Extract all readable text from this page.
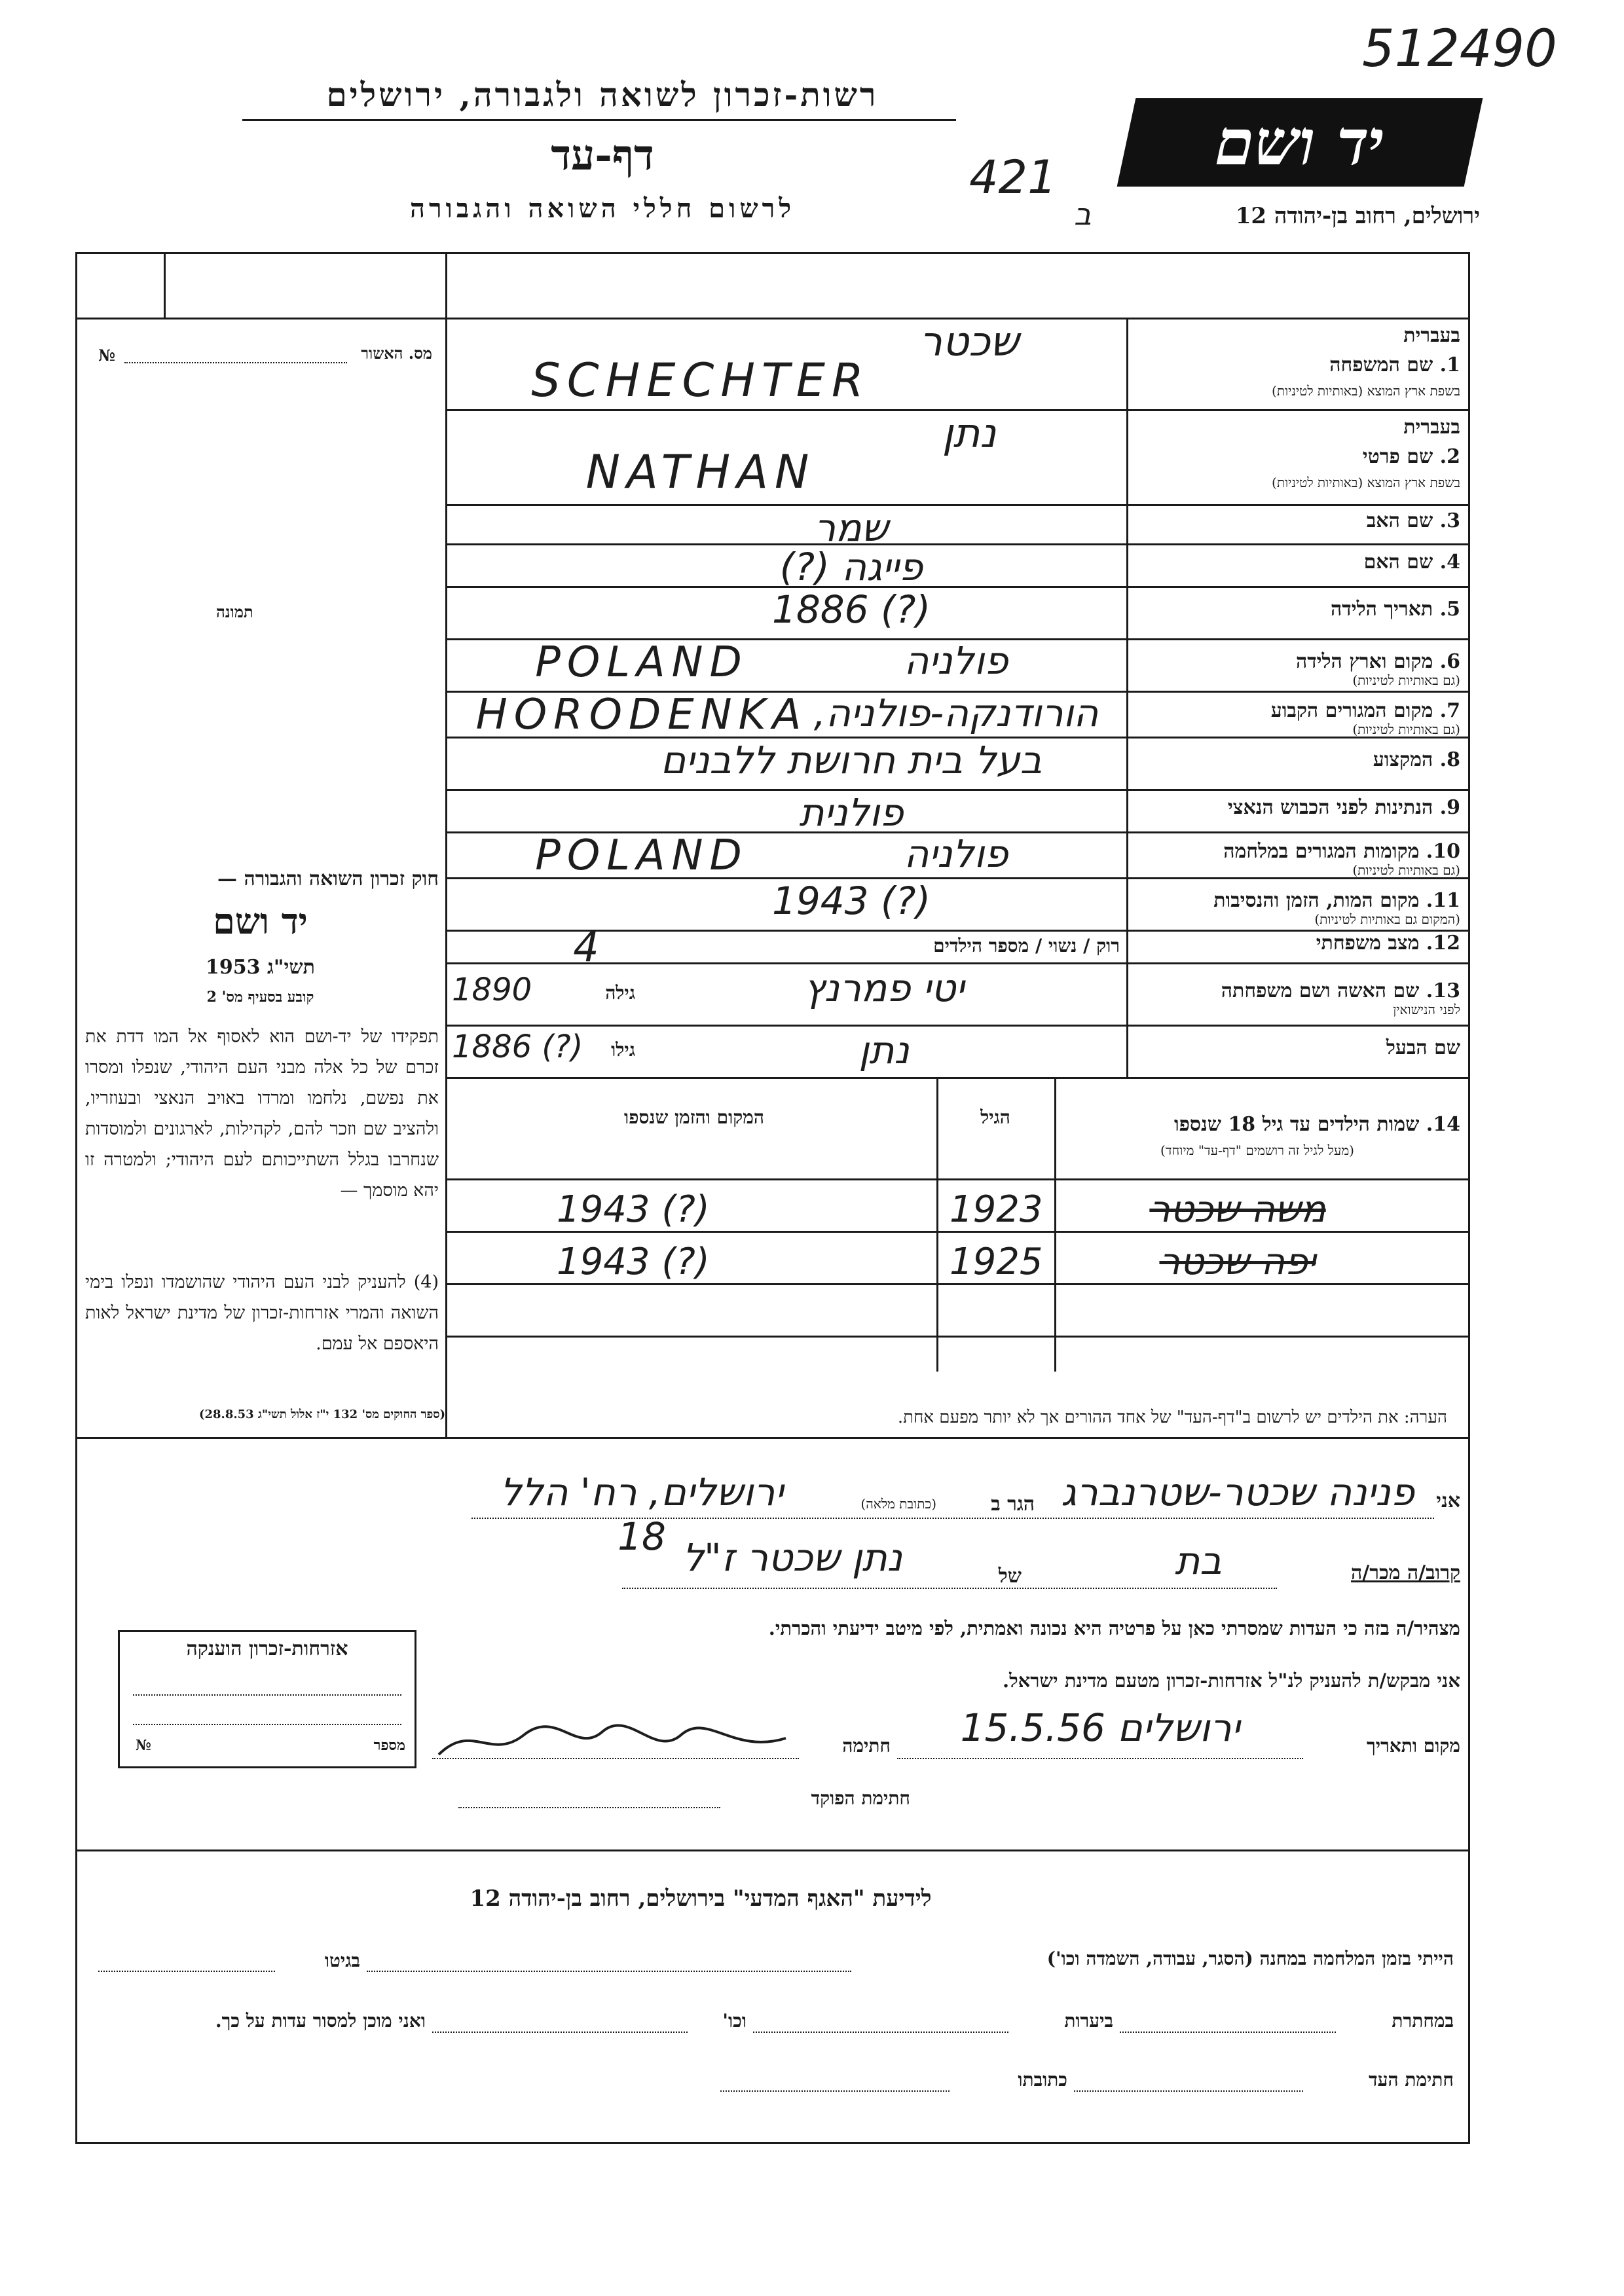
512490
רשות-זכרון לשואה ולגבורה, ירושלים
דף-עד
לרשום חללי השואה והגבורה
421
ב
יד ושם
ירושלים, רחוב בן-יהודה 12
מס. האשור
№
תמונה
חוק זכרון השואה והגבורה —
יד ושם
תשי"ג 1953
קובע בסעיף מס' 2
תפקידו של יד-ושם הוא לאסוף אל המו דדת את זכרם של כל אלה מבני העם היהודי, שנפלו ומסרו את נפשם, נלחמו ומרדו באויב הנאצי ובעוזריו, ולהציב שם וזכר להם, לקהילות, לארגונים ולמוסדות שנחרבו בגלל השתייכותם לעם היהודי; ולמטרה זו יהא מוסמך —
(4) להעניק לבני העם היהודי שהושמדו ונפלו בימי השואה והמרי אזרחות-זכרון של מדינת ישראל לאות היאספם אל עמם.
(ספר החוקים מס' 132 י"ז אלול תשי"ג 28.8.53)
1. שם המשפחה
בעברית
בשפת ארץ המוצא (באותיות לטיניות)
שכטר
SCHECHTER
2. שם פרטי
בעברית
בשפת ארץ המוצא (באותיות לטיניות)
נתן
NATHAN
3. שם האב
שמר
4. שם האם
פייגה (?)
5. תאריך הלידה
1886 (?)
6. מקום וארץ הלידה
(גם באותיות לטיניות)
פולניה
POLAND
7. מקום המגורים הקבוע
(גם באותיות לטיניות)
הורודנקה-פולניה,
HORODENKA
8. המקצוע
בעל בית חרושת ללבנים
9. הנתינות לפני הכבוש הנאצי
פולנית
10. מקומות המגורים במלחמה
(גם באותיות לטיניות)
פולניה
POLAND
11. מקום המות, הזמן והנסיבות
(המקום גם באותיות לטיניות)
1943 (?)
12. מצב משפחתי
רוק / נשוי / מספר הילדים
4
13. שם האשה ושם משפחתה
לפני הנישואין
גילה
1890	יטי פמרנץ
שם הבעל
גילו
1886 (?)	נתן
14. שמות הילדים עד גיל 18 שנספו
(מעל לגיל זה רושמים "דף-עד" מיוחד)
הגיל
המקום והזמן שנספו
משה שכטר
1923
1943 (?)
יפה שכטר
1925
1943 (?)
הערה: את הילדים יש לרשום ב"דף-העד" של אחד ההורים אך לא יותר מפעם אחת.
אני
פנינה שכטר-שטרנברג
הגר ב
(כתובת מלאה)
ירושלים, רח' הלל 18
קרוב/ה מכר/ה
בת
של
נתן שכטר ז"ל
מצהיר/ה בזה כי העדות שמסרתי כאן על פרטיה היא נכונה ואמתית, לפי מיטב ידיעתי והכרתי.
אני מבקש/ת להעניק לנ"ל אזרחות-זכרון מטעם מדינת ישראל.
מקום ותאריך
ירושלים 15.5.56
חתימה
חתימת הפוקד
אזרחות-זכרון הוענקה
מספר
№
לידיעת "האגף המדעי" בירושלים, רחוב בן-יהודה 12
הייתי בזמן המלחמה במחנה (הסגר, עבודה, השמדה וכו')
בגיטו
במחתרת
ביערות
וכו'
ואני מוכן למסור עדות על כך.
חתימת העד
כתובתו
